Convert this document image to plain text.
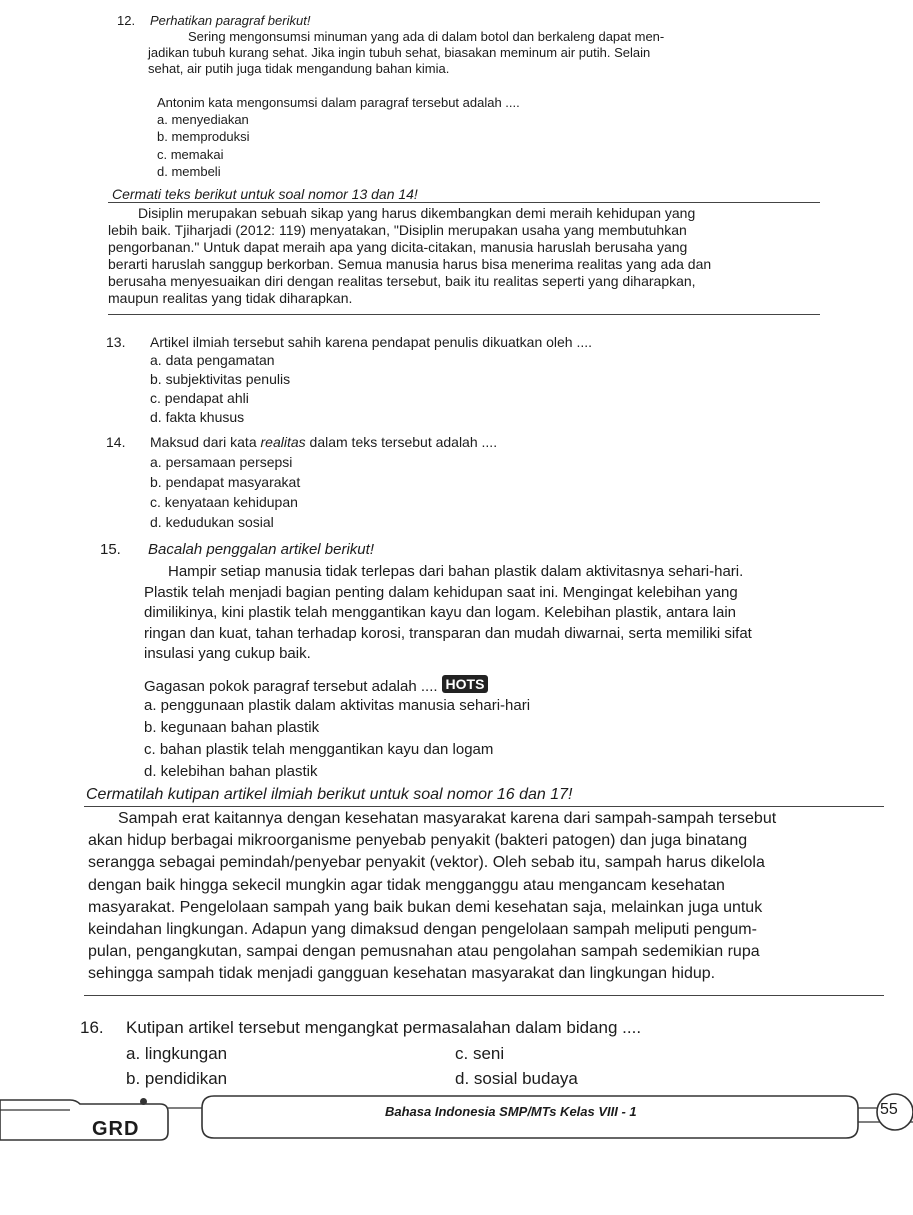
12. Perhatikan paragraf berikut!

Sering mengonsumsi minuman yang ada di dalam botol dan berkaleng dapat men-

jadikan tubuh kurang sehat. Jika ingin tubuh sehat, biasakan meminum air putih. Selain

sehat, air putih juga tidak mengandung bahan kimia.

Antonim kata mengonsumsi dalam paragraf tersebut adalah ....
a. menyediakan
b. memproduksi
c. memakai
d. membeli
Cermati teks berikut untuk soal nomor 13 dan 14!

Disiplin merupakan sebuah sikap yang harus dikembangkan demi meraih kehidupan yang

lebih baik. Tjiharjadi (2012: 119) menyatakan, "Disiplin merupakan usaha yang membutuhkan

pengorbanan." Untuk dapat meraih apa yang dicita-citakan, manusia haruslah berusaha yang

berarti haruslah sanggup berkorban. Semua manusia harus bisa menerima realitas yang ada dan

berusaha menyesuaikan diri dengan realitas tersebut, baik itu realitas seperti yang diharapkan,

maupun realitas yang tidak diharapkan.

13. Artikel ilmiah tersebut sahih karena pendapat penulis dikuatkan oleh ....
a. data pengamatan
b. subjektivitas penulis
c. pendapat ahli
d. fakta khusus
14. Maksud dari kata realitas dalam teks tersebut adalah ....
a. persamaan persepsi
b. pendapat masyarakat
c. kenyataan kehidupan
d. kedudukan sosial
15. Bacalah penggalan artikel berikut!

Hampir setiap manusia tidak terlepas dari bahan plastik dalam aktivitasnya sehari-hari.

Plastik telah menjadi bagian penting dalam kehidupan saat ini. Mengingat kelebihan yang

dimilikinya, kini plastik telah menggantikan kayu dan logam. Kelebihan plastik, antara lain

ringan dan kuat, tahan terhadap korosi, transparan dan mudah diwarnai, serta memiliki sifat

insulasi yang cukup baik.

Gagasan pokok paragraf tersebut adalah .... HOTS
a. penggunaan plastik dalam aktivitas manusia sehari-hari
b. kegunaan bahan plastik
c. bahan plastik telah menggantikan kayu dan logam
d. kelebihan bahan plastik
Cermatilah kutipan artikel ilmiah berikut untuk soal nomor 16 dan 17!

Sampah erat kaitannya dengan kesehatan masyarakat karena dari sampah-sampah tersebut

akan hidup berbagai mikroorganisme penyebab penyakit (bakteri patogen) dan juga binatang

serangga sebagai pemindah/penyebar penyakit (vektor). Oleh sebab itu, sampah harus dikelola

dengan baik hingga sekecil mungkin agar tidak mengganggu atau mengancam kesehatan

masyarakat. Pengelolaan sampah yang baik bukan demi kesehatan saja, melainkan juga untuk

keindahan lingkungan. Adapun yang dimaksud dengan pengelolaan sampah meliputi pengum-

pulan, pengangkutan, sampai dengan pemusnahan atau pengolahan sampah sedemikian rupa

sehingga sampah tidak menjadi gangguan kesehatan masyarakat dan lingkungan hidup.

16. Kutipan artikel tersebut mengangkat permasalahan dalam bidang ....
a. lingkungan
b. pendidikan
c. seni
d. sosial budaya
GRD
Bahasa Indonesia SMP/MTs Kelas VIII - 1	55
